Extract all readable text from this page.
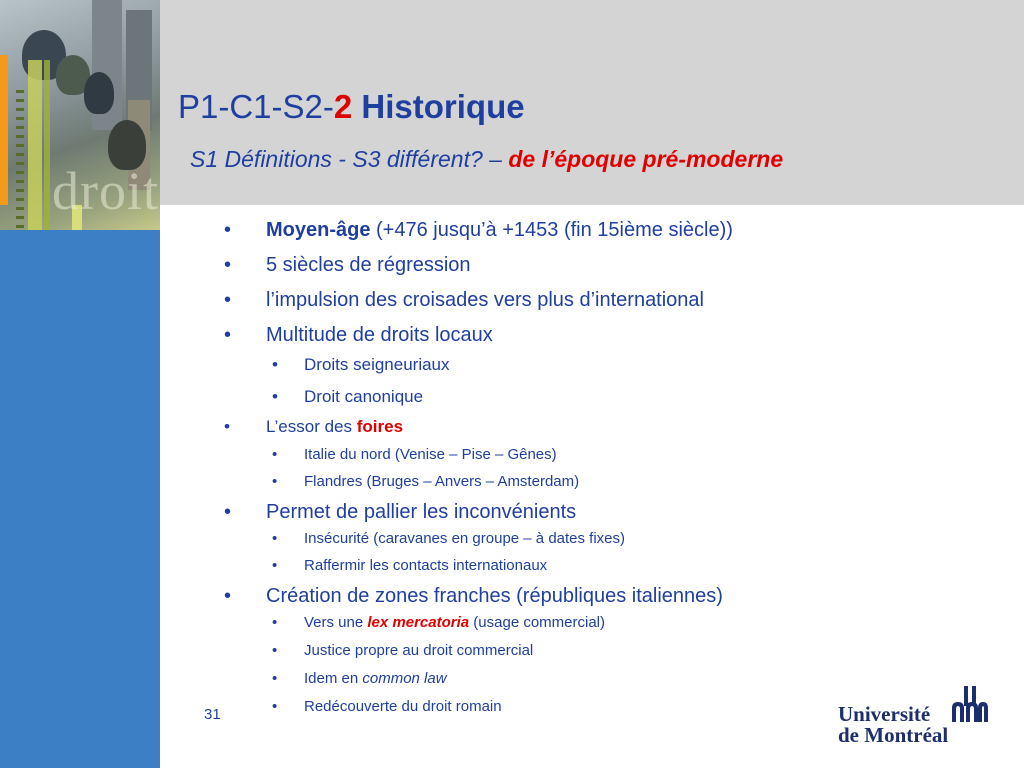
droit
P1-C1-S2-2 Historique
S1 Définitions - S3 différent? – de l’époque pré-moderne
• Moyen-âge (+476 jusqu’à +1453 (fin 15ième siècle))
• 5 siècles de régression
• l’impulsion des croisades vers plus d’international
• Multitude de droits locaux
• Droits seigneuriaux
• Droit canonique
• L’essor des foires
• Italie du nord (Venise – Pise – Gênes)
• Flandres (Bruges – Anvers – Amsterdam)
• Permet de pallier les inconvénients
• Insécurité (caravanes en groupe – à dates fixes)
• Raffermir les contacts internationaux
• Création de zones franches (républiques italiennes)
• Vers une lex mercatoria (usage commercial)
• Justice propre au droit commercial
• Idem en common law
• Redécouverte du droit romain
31	Université
de Montréal
